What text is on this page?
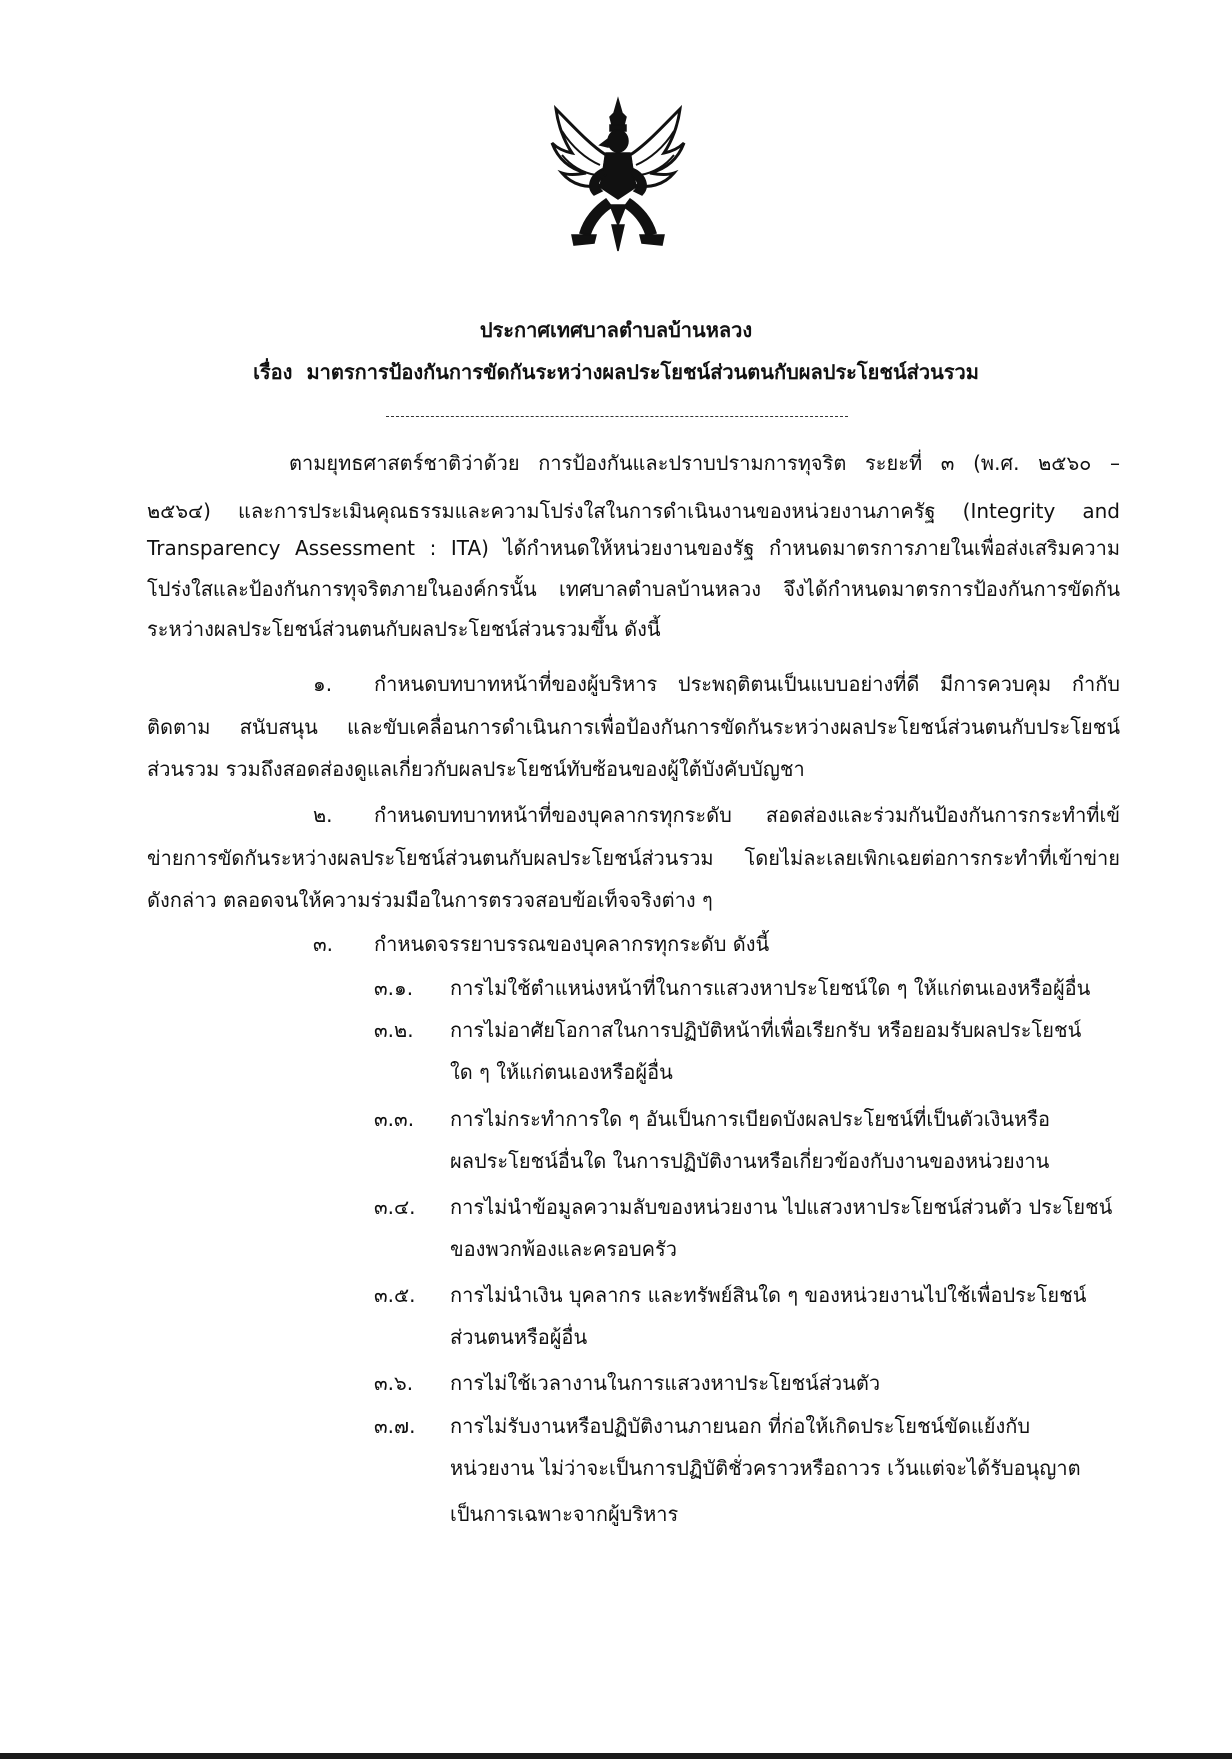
ประกาศเทศบาลตำบลบ้านหลวง
เรื่อง มาตรการป้องกันการขัดกันระหว่างผลประโยชน์ส่วนตนกับผลประโยชน์ส่วนรวม
ตามยุทธศาสตร์ชาติว่าด้วย การป้องกันและปราบปรามการทุจริต ระยะที่ ๓ (พ.ศ. ๒๕๖๐ –
๒๕๖๔) และการประเมินคุณธรรมและความโปร่งใสในการดำเนินงานของหน่วยงานภาครัฐ (Integrity and
Transparency Assessment : ITA) ได้กำหนดให้หน่วยงานของรัฐ กำหนดมาตรการภายในเพื่อส่งเสริมความ
โปร่งใสและป้องกันการทุจริตภายในองค์กรนั้น เทศบาลตำบลบ้านหลวง จึงได้กำหนดมาตรการป้องกันการขัดกัน
ระหว่างผลประโยชน์ส่วนตนกับผลประโยชน์ส่วนรวมขึ้น ดังนี้
๑. กำหนดบทบาทหน้าที่ของผู้บริหาร ประพฤติตนเป็นแบบอย่างที่ดี มีการควบคุม กำกับ
ติดตาม สนับสนุน และขับเคลื่อนการดำเนินการเพื่อป้องกันการขัดกันระหว่างผลประโยชน์ส่วนตนกับประโยชน์
ส่วนรวม รวมถึงสอดส่องดูแลเกี่ยวกับผลประโยชน์ทับซ้อนของผู้ใต้บังคับบัญชา
๒. กำหนดบทบาทหน้าที่ของบุคลากรทุกระดับ สอดส่องและร่วมกันป้องกันการกระทำที่เข้
ข่ายการขัดกันระหว่างผลประโยชน์ส่วนตนกับผลประโยชน์ส่วนรวม โดยไม่ละเลยเพิกเฉยต่อการกระทำที่เข้าข่าย
ดังกล่าว ตลอดจนให้ความร่วมมือในการตรวจสอบข้อเท็จจริงต่าง ๆ
๓. กำหนดจรรยาบรรณของบุคลากรทุกระดับ ดังนี้
๓.๑. การไม่ใช้ตำแหน่งหน้าที่ในการแสวงหาประโยชน์ใด ๆ ให้แก่ตนเองหรือผู้อื่น
๓.๒. การไม่อาศัยโอกาสในการปฏิบัติหน้าที่เพื่อเรียกรับ หรือยอมรับผลประโยชน์
ใด ๆ ให้แก่ตนเองหรือผู้อื่น
๓.๓. การไม่กระทำการใด ๆ อันเป็นการเบียดบังผลประโยชน์ที่เป็นตัวเงินหรือ
ผลประโยชน์อื่นใด ในการปฏิบัติงานหรือเกี่ยวข้องกับงานของหน่วยงาน
๓.๔. การไม่นำข้อมูลความลับของหน่วยงาน ไปแสวงหาประโยชน์ส่วนตัว ประโยชน์
ของพวกพ้องและครอบครัว
๓.๕. การไม่นำเงิน บุคลากร และทรัพย์สินใด ๆ ของหน่วยงานไปใช้เพื่อประโยชน์
ส่วนตนหรือผู้อื่น
๓.๖. การไม่ใช้เวลางานในการแสวงหาประโยชน์ส่วนตัว
๓.๗. การไม่รับงานหรือปฏิบัติงานภายนอก ที่ก่อให้เกิดประโยชน์ขัดแย้งกับ
หน่วยงาน ไม่ว่าจะเป็นการปฏิบัติชั่วคราวหรือถาวร เว้นแต่จะได้รับอนุญาต
เป็นการเฉพาะจากผู้บริหาร
